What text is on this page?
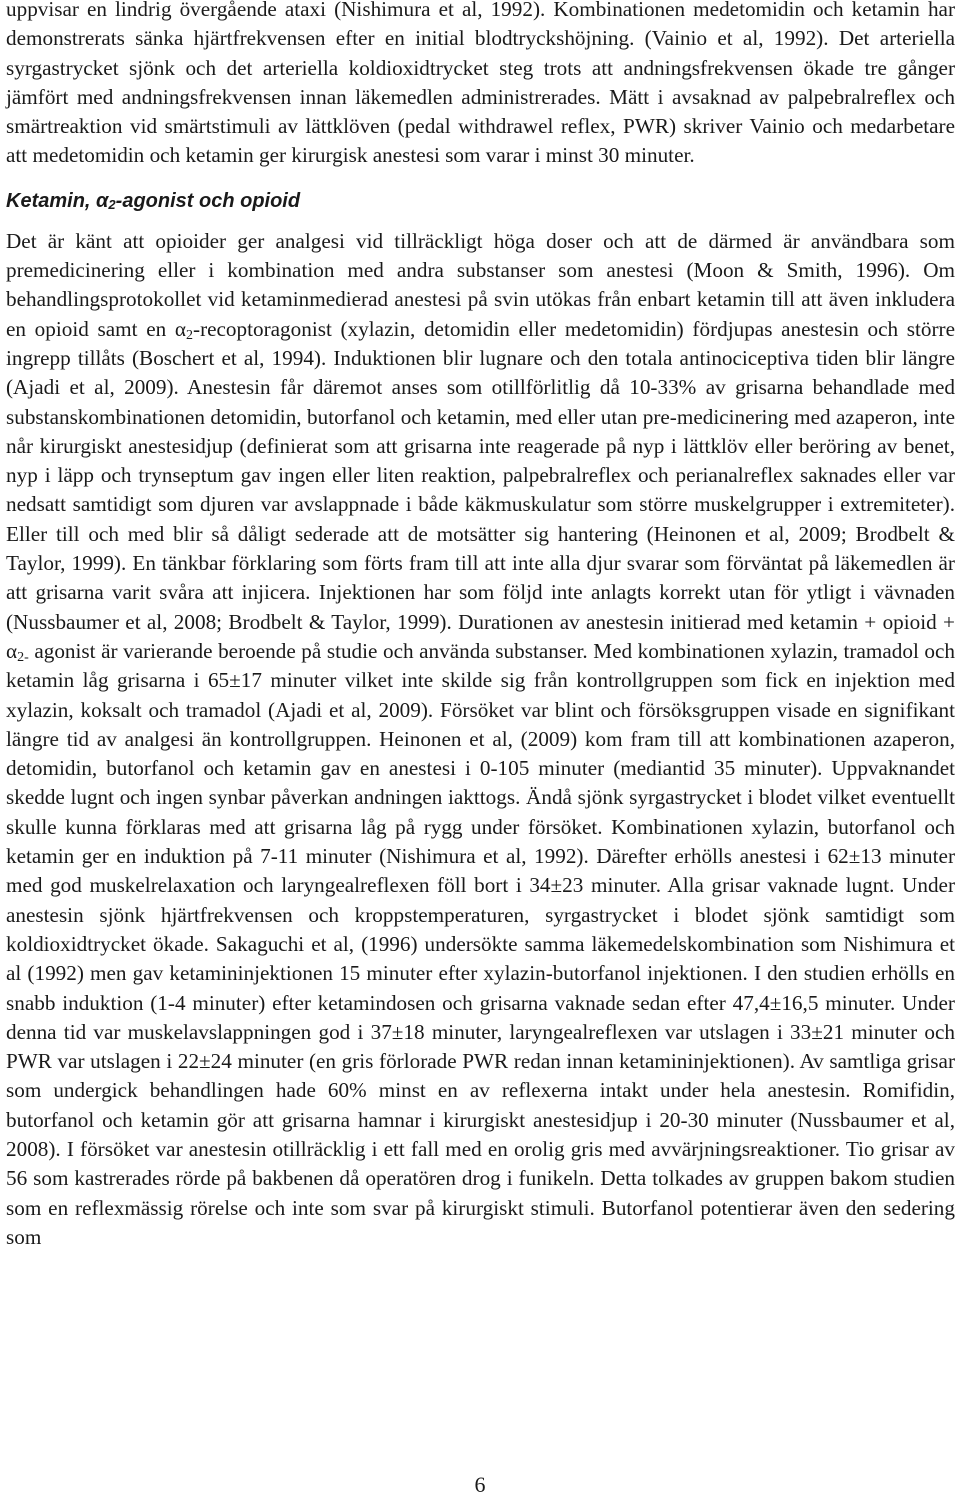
uppvisar en lindrig övergående ataxi (Nishimura et al, 1992). Kombinationen medetomidin och ketamin har demonstrerats sänka hjärtfrekvensen efter en initial blodtryckshöjning. (Vainio et al, 1992). Det arteriella syrgastrycket sjönk och det arteriella koldioxidtrycket steg trots att andningsfrekvensen ökade tre gånger jämfört med andningsfrekvensen innan läkemedlen administrerades. Mätt i avsaknad av palpebralreflex och smärtreaktion vid smärtstimuli av lättklöven (pedal withdrawel reflex, PWR) skriver Vainio och medarbetare att medetomidin och ketamin ger kirurgisk anestesi som varar i minst 30 minuter.

Ketamin, $\alpha_2$-agonist och opioid

Det är känt att opioider ger analgesi vid tillräckligt höga doser och att de därmed är användbara som premedicinering eller i kombination med andra substanser som anestesi (Moon & Smith, 1996). Om behandlingsprotokollet vid ketaminmedierad anestesi på svin utökas från enbart ketamin till att även inkludera en opioid samt en $\alpha_2$-recoptoragonist (xylazin, detomidin eller medetomidin) fördjupas anestesin och större ingrepp tillåts (Boschert et al, 1994). Induktionen blir lugnare och den totala antinociceptiva tiden blir längre (Ajadi et al, 2009). Anestesin får däremot anses som otillförlitlig då 10-33% av grisarna behandlade med substanskombinationen detomidin, butorfanol och ketamin, med eller utan pre-medicinering med azaperon, inte når kirurgiskt anestesidjup (definierat som att grisarna inte reagerade på nyp i lättklöv eller beröring av benet, nyp i läpp och trynseptum gav ingen eller liten reaktion, palpebralreflex och perianalreflex saknades eller var nedsatt samtidigt som djuren var avslappnade i både käkmuskulatur som större muskelgrupper i extremiteter). Eller till och med blir så dåligt sederade att de motsätter sig hantering (Heinonen et al, 2009; Brodbelt & Taylor, 1999). En tänkbar förklaring som förts fram till att inte alla djur svarar som förväntat på läkemedlen är att grisarna varit svåra att injicera. Injektionen har som följd inte anlagts korrekt utan för ytligt i vävnaden (Nussbaumer et al, 2008; Brodbelt & Taylor, 1999). Durationen av anestesin initierad med ketamin + opioid + $\alpha_{2-}$ agonist är varierande beroende på studie och använda substanser. Med kombinationen xylazin, tramadol och ketamin låg grisarna i 65±17 minuter vilket inte skilde sig från kontrollgruppen som fick en injektion med xylazin, koksalt och tramadol (Ajadi et al, 2009). Försöket var blint och försöksgruppen visade en signifikant längre tid av analgesi än kontrollgruppen. Heinonen et al, (2009) kom fram till att kombinationen azaperon, detomidin, butorfanol och ketamin gav en anestesi i 0-105 minuter (mediantid 35 minuter). Uppvaknandet skedde lugnt och ingen synbar påverkan andningen iakttogs. Ändå sjönk syrgastrycket i blodet vilket eventuellt skulle kunna förklaras med att grisarna låg på rygg under försöket. Kombinationen xylazin, butorfanol och ketamin ger en induktion på 7-11 minuter (Nishimura et al, 1992). Därefter erhölls anestesi i 62±13 minuter med god muskelrelaxation och laryngealreflexen föll bort i 34±23 minuter. Alla grisar vaknade lugnt. Under anestesin sjönk hjärtfrekvensen och kroppstemperaturen, syrgastrycket i blodet sjönk samtidigt som koldioxidtrycket ökade. Sakaguchi et al, (1996) undersökte samma läkemedelskombination som Nishimura et al (1992) men gav ketamininjektionen 15 minuter efter xylazin-butorfanol injektionen. I den studien erhölls en snabb induktion (1-4 minuter) efter ketamindosen och grisarna vaknade sedan efter 47,4±16,5 minuter. Under denna tid var muskelavslappningen god i 37±18 minuter, laryngealreflexen var utslagen i 33±21 minuter och PWR var utslagen i 22±24 minuter (en gris förlorade PWR redan innan ketamininjektionen). Av samtliga grisar som undergick behandlingen hade 60% minst en av reflexerna intakt under hela anestesin. Romifidin, butorfanol och ketamin gör att grisarna hamnar i kirurgiskt anestesidjup i 20-30 minuter (Nussbaumer et al, 2008). I försöket var anestesin otillräcklig i ett fall med en orolig gris med avvärjningsreaktioner. Tio grisar av 56 som kastrerades rörde på bakbenen då operatören drog i funikeln. Detta tolkades av gruppen bakom studien som en reflexmässig rörelse och inte som svar på kirurgiskt stimuli. Butorfanol potentierar även den sedering som

6
